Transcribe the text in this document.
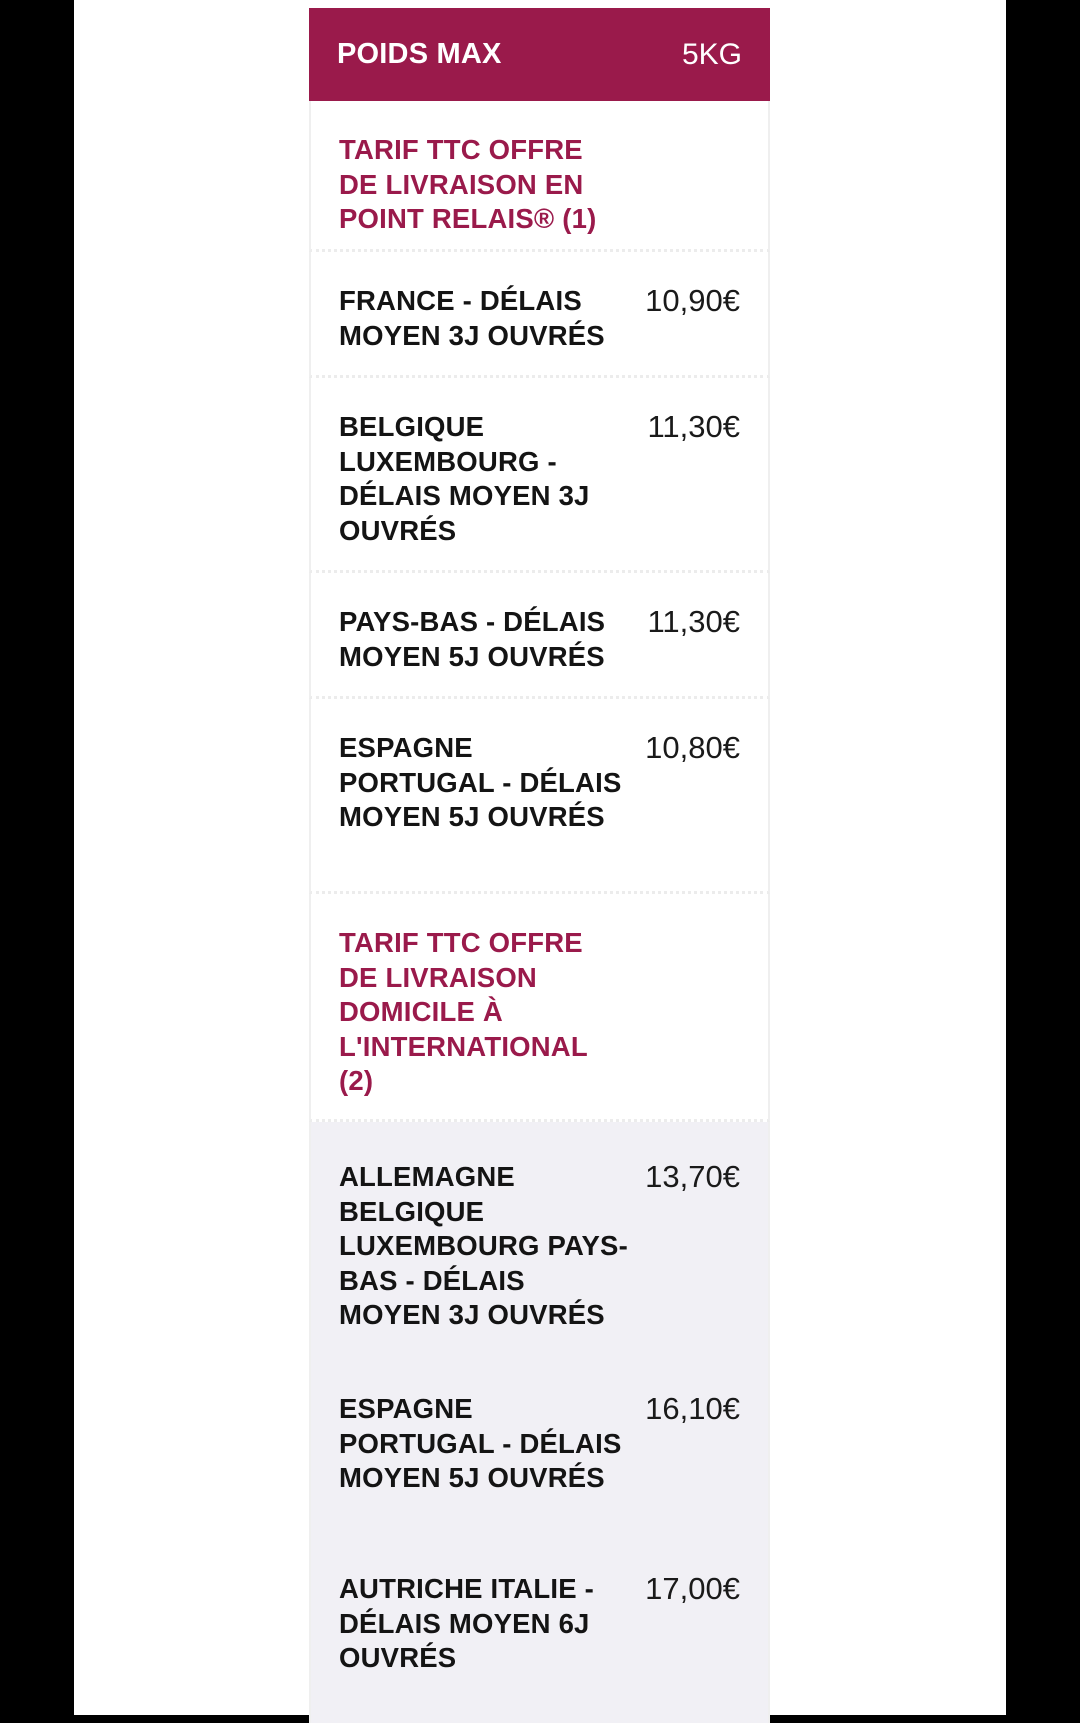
POIDS MAX	5KG
TARIF TTC OFFRE DE LIVRAISON EN POINT RELAIS® (1)
FRANCE - DÉLAIS MOYEN 3J OUVRÉS
10,90€
BELGIQUE LUXEMBOURG - DÉLAIS MOYEN 3J OUVRÉS
11,30€
PAYS-BAS - DÉLAIS MOYEN 5J OUVRÉS
11,30€
ESPAGNE PORTUGAL - DÉLAIS MOYEN 5J OUVRÉS
10,80€
TARIF TTC OFFRE DE LIVRAISON DOMICILE À L'INTERNATIONAL (2)
ALLEMAGNE BELGIQUE LUXEMBOURG PAYS-BAS - DÉLAIS MOYEN 3J OUVRÉS
13,70€
ESPAGNE PORTUGAL - DÉLAIS MOYEN 5J OUVRÉS
16,10€
AUTRICHE ITALIE - DÉLAIS MOYEN 6J OUVRÉS
17,00€
